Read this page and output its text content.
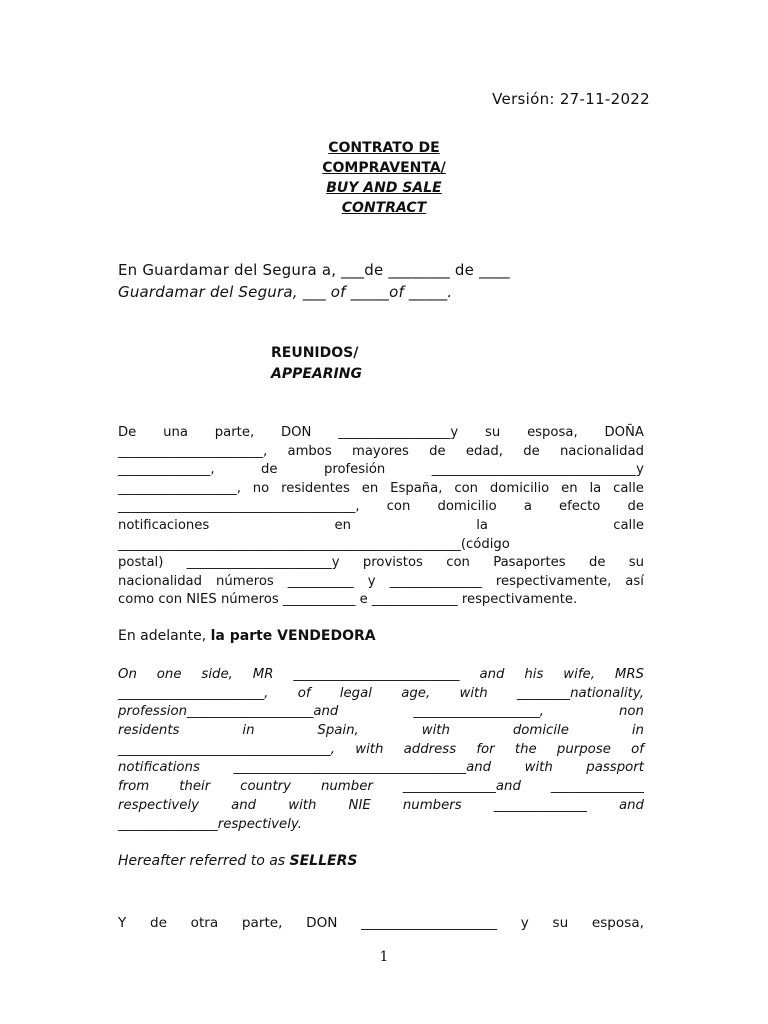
Versión: 27-11-2022
CONTRATO DE
COMPRAVENTA/
BUY AND SALE
CONTRACT
En Guardamar del Segura a, ___de ________ de ____
Guardamar del Segura, ___ of _____of _____.
REUNIDOS/
APPEARING
De una parte, DON _________________y su esposa, DOÑA
______________________, ambos mayores de edad, de nacionalidad
______________,	de	profesión	_______________________________y
__________________, no residentes en España, con domicilio en la calle
____________________________________, con domicilio a efecto de
notificaciones	en	la	calle
____________________________________________________(código
postal) ______________________y provistos con Pasaportes de su
nacionalidad números __________ y ______________ respectivamente, así
como con NIES números ___________ e _____________ respectivamente.
En adelante, la parte VENDEDORA
On one side, MR _________________________ and his wife, MRS
______________________, of legal age, with ________nationality,
profession___________________and	___________________,	non
residents	in	Spain,	with	domicile	in
________________________________, with address for the purpose of
notifications	___________________________________and	with	passport
from their country number ______________and ______________
respectively and with NIE numbers ______________ and
_______________respectively.
Hereafter referred to as SELLERS
Y de otra parte, DON ____________________ y su esposa,
1
